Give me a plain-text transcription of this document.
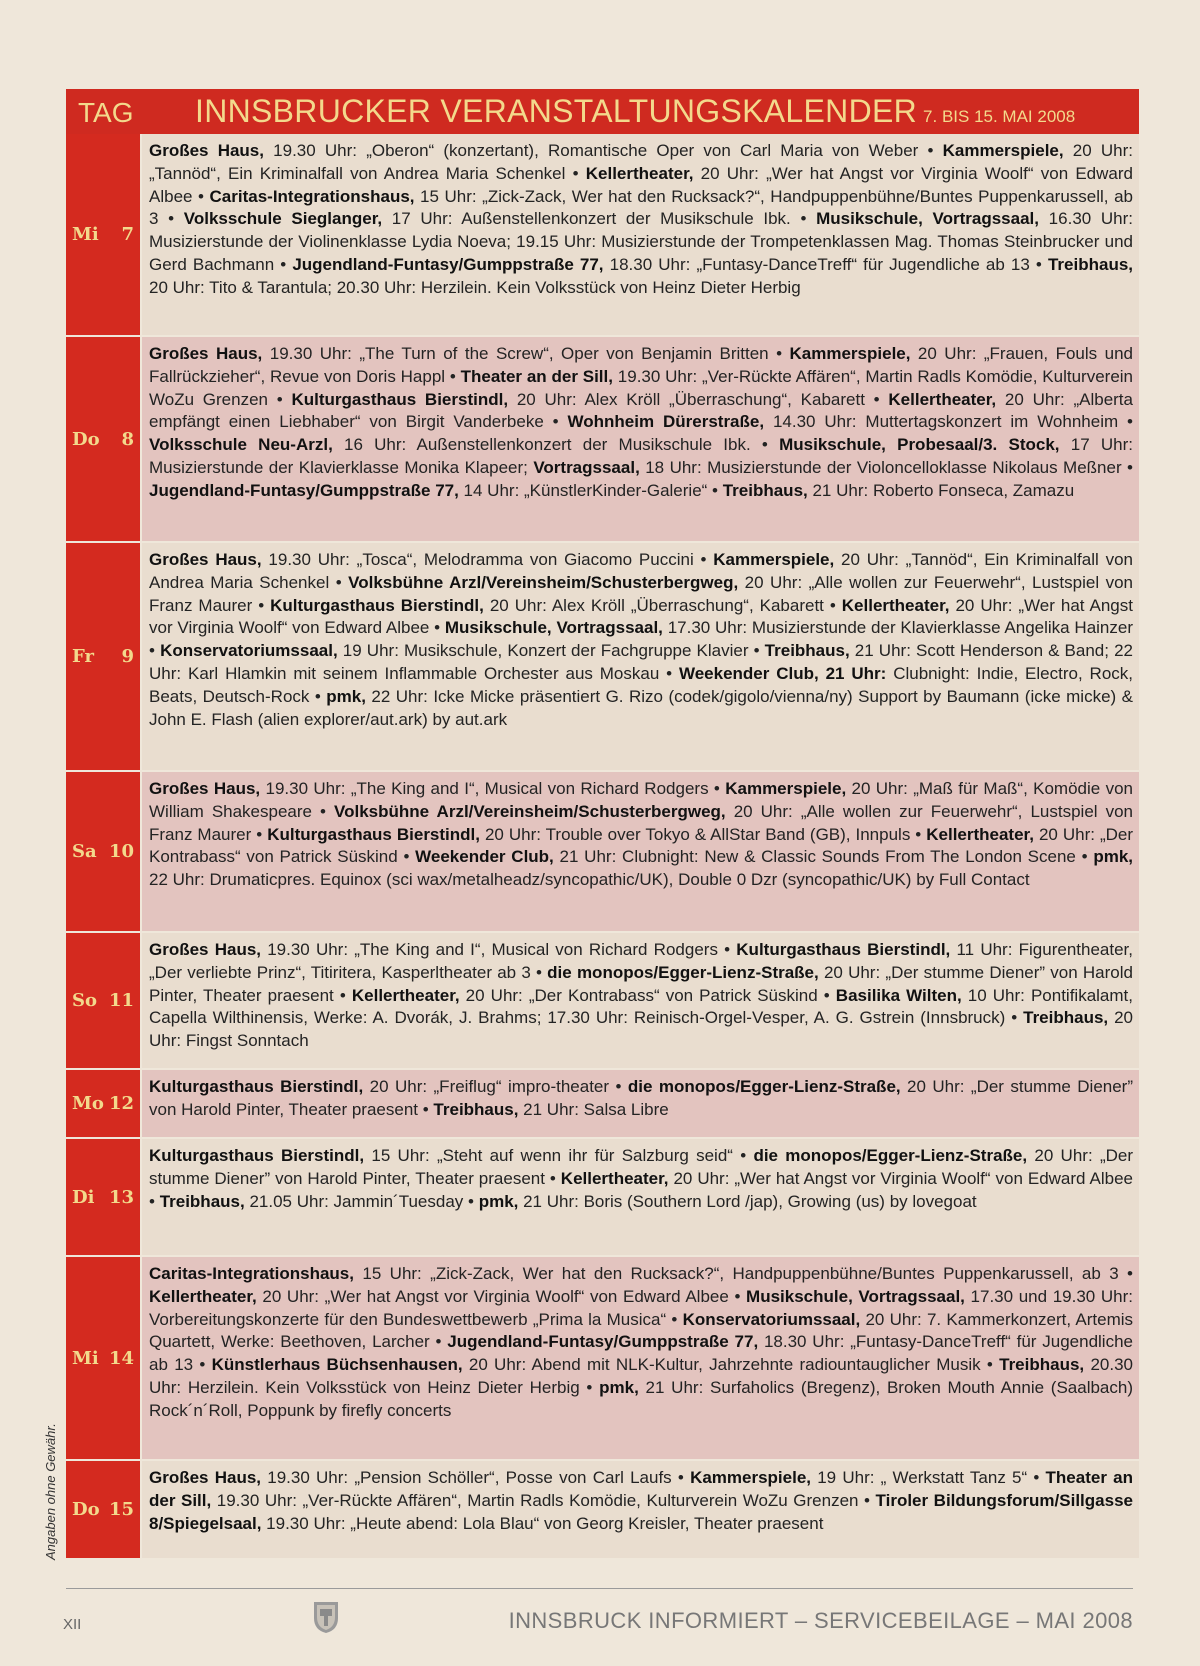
TAG INNSBRUCKER VERANSTALTUNGSKALENDER 7. BIS 15. MAI 2008
Mi 7
Großes Haus, 19.30 Uhr: „Oberon“ (konzertant), Romantische Oper von Carl Maria von Weber • Kammerspiele, 20 Uhr: „Tannöd“, Ein Kriminalfall von Andrea Maria Schenkel • Kellertheater, 20 Uhr: „Wer hat Angst vor Virginia Woolf“ von Edward Albee • Caritas-Integrationshaus, 15 Uhr: „Zick-Zack, Wer hat den Rucksack?“, Handpuppenbühne/Buntes Puppenkarussell, ab 3 • Volksschule Sieglanger, 17 Uhr: Außenstellenkonzert der Musikschule Ibk. • Musikschule, Vortragssaal, 16.30 Uhr: Musizierstunde der Violinenklasse Lydia Noeva; 19.15 Uhr: Musizierstunde der Trompetenklassen Mag. Thomas Steinbrucker und Gerd Bachmann • Jugendland-Funtasy/Gumppstraße 77, 18.30 Uhr: „Funtasy-DanceTreff“ für Jugendliche ab 13 • Treibhaus, 20 Uhr: Tito & Tarantula; 20.30 Uhr: Herzilein. Kein Volksstück von Heinz Dieter Herbig
Do 8
Großes Haus, 19.30 Uhr: „The Turn of the Screw“, Oper von Benjamin Britten • Kammerspiele, 20 Uhr: „Frauen, Fouls und Fallrückzieher“, Revue von Doris Happl • Theater an der Sill, 19.30 Uhr: „Ver-Rückte Affären“, Martin Radls Komödie, Kulturverein WoZu Grenzen • Kulturgasthaus Bierstindl, 20 Uhr: Alex Kröll „Überraschung“, Kabarett • Kellertheater, 20 Uhr: „Alberta empfängt einen Liebhaber“ von Birgit Vanderbeke • Wohnheim Dürerstraße, 14.30 Uhr: Muttertagskonzert im Wohnheim • Volksschule Neu-Arzl, 16 Uhr: Außenstellenkonzert der Musikschule Ibk. • Musikschule, Probesaal/3. Stock, 17 Uhr: Musizierstunde der Klavierklasse Monika Klapeer; Vortragssaal, 18 Uhr: Musizierstunde der Violoncelloklasse Nikolaus Meßner • Jugendland-Funtasy/Gumppstraße 77, 14 Uhr: „KünstlerKinder-Galerie“ • Treibhaus, 21 Uhr: Roberto Fonseca, Zamazu
Fr 9
Großes Haus, 19.30 Uhr: „Tosca“, Melodramma von Giacomo Puccini • Kammerspiele, 20 Uhr: „Tannöd“, Ein Kriminalfall von Andrea Maria Schenkel • Volksbühne Arzl/Vereinsheim/Schusterbergweg, 20 Uhr: „Alle wollen zur Feuerwehr“, Lustspiel von Franz Maurer • Kulturgasthaus Bierstindl, 20 Uhr: Alex Kröll „Überraschung“, Kabarett • Kellertheater, 20 Uhr: „Wer hat Angst vor Virginia Woolf“ von Edward Albee • Musikschule, Vortragssaal, 17.30 Uhr: Musizierstunde der Klavierklasse Angelika Hainzer • Konservatoriumssaal, 19 Uhr: Musikschule, Konzert der Fachgruppe Klavier • Treibhaus, 21 Uhr: Scott Henderson & Band; 22 Uhr: Karl Hlamkin mit seinem Inflammable Orchester aus Moskau • Weekender Club, 21 Uhr: Clubnight: Indie, Electro, Rock, Beats, Deutsch-Rock • pmk, 22 Uhr: Icke Micke präsentiert G. Rizo (codek/gigolo/vienna/ny) Support by Baumann (icke micke) & John E. Flash (alien explorer/aut.ark) by aut.ark
Sa 10
Großes Haus, 19.30 Uhr: „The King and I“, Musical von Richard Rodgers • Kammerspiele, 20 Uhr: „Maß für Maß“, Komödie von William Shakespeare • Volksbühne Arzl/Vereinsheim/Schusterbergweg, 20 Uhr: „Alle wollen zur Feuerwehr“, Lustspiel von Franz Maurer • Kulturgasthaus Bierstindl, 20 Uhr: Trouble over Tokyo & AllStar Band (GB), Innpuls • Kellertheater, 20 Uhr: „Der Kontrabass“ von Patrick Süskind • Weekender Club, 21 Uhr: Clubnight: New & Classic Sounds From The London Scene • pmk, 22 Uhr: Drumaticpres. Equinox (sci wax/metalheadz/syncopathic/UK), Double 0 Dzr (syncopathic/UK) by Full Contact
So 11
Großes Haus, 19.30 Uhr: „The King and I“, Musical von Richard Rodgers • Kulturgasthaus Bierstindl, 11 Uhr: Figurentheater, „Der verliebte Prinz“, Titiritera, Kasperltheater ab 3 • die monopos/Egger-Lienz-Straße, 20 Uhr: „Der stumme Diener” von Harold Pinter, Theater praesent • Kellertheater, 20 Uhr: „Der Kontrabass“ von Patrick Süskind • Basilika Wilten, 10 Uhr: Pontifikalamt, Capella Wilthinensis, Werke: A. Dvorák, J. Brahms; 17.30 Uhr: Reinisch-Orgel-Vesper, A. G. Gstrein (Innsbruck) • Treibhaus, 20 Uhr: Fingst Sonntach
Mo 12
Kulturgasthaus Bierstindl, 20 Uhr: „Freiflug“ impro-theater • die monopos/Egger-Lienz-Straße, 20 Uhr: „Der stumme Diener” von Harold Pinter, Theater praesent • Treibhaus, 21 Uhr: Salsa Libre
Di 13
Kulturgasthaus Bierstindl, 15 Uhr: „Steht auf wenn ihr für Salzburg seid“ • die monopos/Egger-Lienz-Straße, 20 Uhr: „Der stumme Diener” von Harold Pinter, Theater praesent • Kellertheater, 20 Uhr: „Wer hat Angst vor Virginia Woolf“ von Edward Albee • Treibhaus, 21.05 Uhr: Jammin´Tuesday • pmk, 21 Uhr: Boris (Southern Lord /jap), Growing (us) by lovegoat
Mi 14
Caritas-Integrationshaus, 15 Uhr: „Zick-Zack, Wer hat den Rucksack?“, Handpuppenbühne/Buntes Puppenkarussell, ab 3 • Kellertheater, 20 Uhr: „Wer hat Angst vor Virginia Woolf“ von Edward Albee • Musikschule, Vortragssaal, 17.30 und 19.30 Uhr: Vorbereitungskonzerte für den Bundeswettbewerb „Prima la Musica“ • Konservatoriumssaal, 20 Uhr: 7. Kammerkonzert, Artemis Quartett, Werke: Beethoven, Larcher • Jugendland-Funtasy/Gumppstraße 77, 18.30 Uhr: „Funtasy-DanceTreff“ für Jugendliche ab 13 • Künstlerhaus Büchsenhausen, 20 Uhr: Abend mit NLK-Kultur, Jahrzehnte radiountauglicher Musik • Treibhaus, 20.30 Uhr: Herzilein. Kein Volksstück von Heinz Dieter Herbig • pmk, 21 Uhr: Surfaholics (Bregenz), Broken Mouth Annie (Saalbach) Rock´n´Roll, Poppunk by firefly concerts
Do 15
Großes Haus, 19.30 Uhr: „Pension Schöller“, Posse von Carl Laufs • Kammerspiele, 19 Uhr: „ Werkstatt Tanz 5“ • Theater an der Sill, 19.30 Uhr: „Ver-Rückte Affären“, Martin Radls Komödie, Kulturverein WoZu Grenzen • Tiroler Bildungsforum/Sillgasse 8/Spiegelsaal, 19.30 Uhr: „Heute abend: Lola Blau“ von Georg Kreisler, Theater praesent
Angaben ohne Gewähr.
XII	INNSBRUCK INFORMIERT – SERVICEBEILAGE – MAI 2008
